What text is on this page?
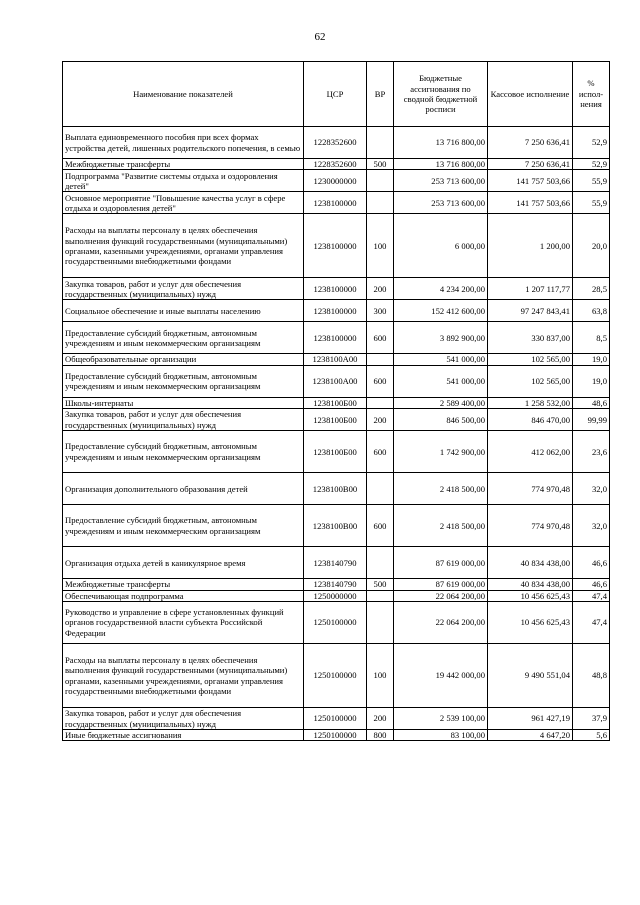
62
Наименование показателей	ЦСР	ВР	Бюджетные ассигнования по сводной бюджетной росписи	Кассовое исполнение	% испол-нения
Выплата единовременного пособия при всех формах устройства детей, лишенных родительского попечения, в семью	1228352600		13 716 800,00	7 250 636,41	52,9
Межбюджетные трансферты	1228352600	500	13 716 800,00	7 250 636,41	52,9
Подпрограмма "Развитие системы отдыха и оздоровления детей"	1230000000		253 713 600,00	141 757 503,66	55,9
Основное мероприятие "Повышение качества услуг в сфере отдыха и оздоровления детей"	1238100000		253 713 600,00	141 757 503,66	55,9
Расходы на выплаты персоналу в целях обеспечения выполнения функций государственными (муниципальными) органами, казенными учреждениями, органами управления государственными внебюджетными фондами	1238100000	100	6 000,00	1 200,00	20,0
Закупка товаров, работ и услуг для обеспечения государственных (муниципальных) нужд	1238100000	200	4 234 200,00	1 207 117,77	28,5
Социальное обеспечение и иные выплаты населению	1238100000	300	152 412 600,00	97 247 843,41	63,8
Предоставление субсидий бюджетным, автономным учреждениям и иным некоммерческим организациям	1238100000	600	3 892 900,00	330 837,00	8,5
Общеобразовательные организации	1238100А00		541 000,00	102 565,00	19,0
Предоставление субсидий бюджетным, автономным учреждениям и иным некоммерческим организациям	1238100А00	600	541 000,00	102 565,00	19,0
Школы-интернаты	1238100Б00		2 589 400,00	1 258 532,00	48,6
Закупка товаров, работ и услуг для обеспечения государственных (муниципальных) нужд	1238100Б00	200	846 500,00	846 470,00	99,99
Предоставление субсидий бюджетным, автономным учреждениям и иным некоммерческим организациям	1238100Б00	600	1 742 900,00	412 062,00	23,6
Организация дополнительного образования детей	1238100В00		2 418 500,00	774 970,48	32,0
Предоставление субсидий бюджетным, автономным учреждениям и иным некоммерческим организациям	1238100В00	600	2 418 500,00	774 970,48	32,0
Организация отдыха детей в каникулярное время	1238140790		87 619 000,00	40 834 438,00	46,6
Межбюджетные трансферты	1238140790	500	87 619 000,00	40 834 438,00	46,6
Обеспечивающая подпрограмма	1250000000		22 064 200,00	10 456 625,43	47,4
Руководство и управление в сфере установленных функций органов государственной власти субъекта Российской Федерации	1250100000		22 064 200,00	10 456 625,43	47,4
Расходы на выплаты персоналу в целях обеспечения выполнения функций государственными (муниципальными) органами, казенными учреждениями, органами управления государственными внебюджетными фондами	1250100000	100	19 442 000,00	9 490 551,04	48,8
Закупка товаров, работ и услуг для обеспечения государственных (муниципальных) нужд	1250100000	200	2 539 100,00	961 427,19	37,9
Иные бюджетные ассигнования	1250100000	800	83 100,00	4 647,20	5,6
